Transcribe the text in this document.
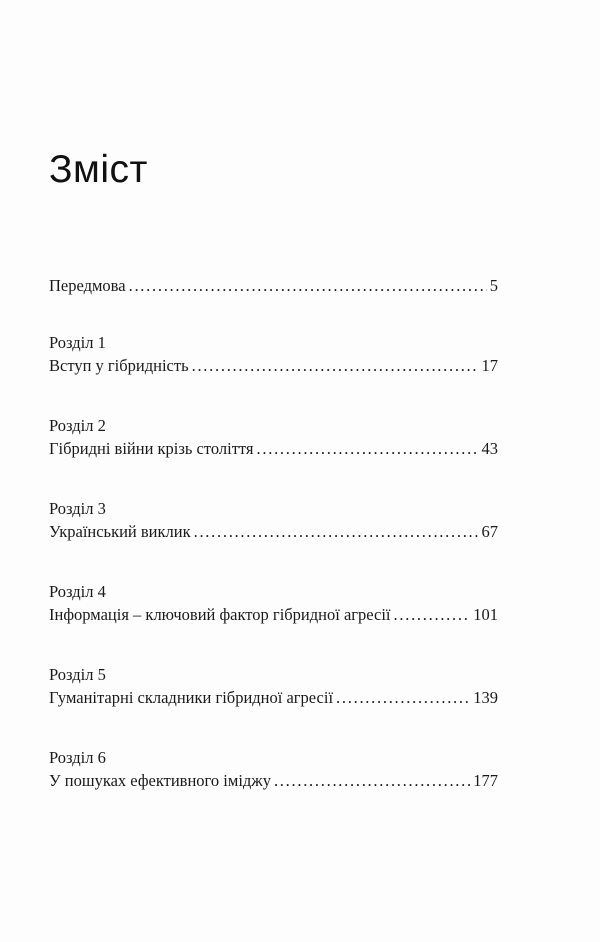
Зміст
Передмова . . .	5
Розділ 1
Вступ у гібридність . . .	17
Розділ 2
Гібридні війни крізь століття . . .	43
Розділ 3
Український виклик . . .	67
Розділ 4
Інформація – ключовий фактор гібридної агресії . . .	101
Розділ 5
Гуманітарні складники гібридної агресії . . .	139
Розділ 6
У пошуках ефективного іміджу . . .	177
